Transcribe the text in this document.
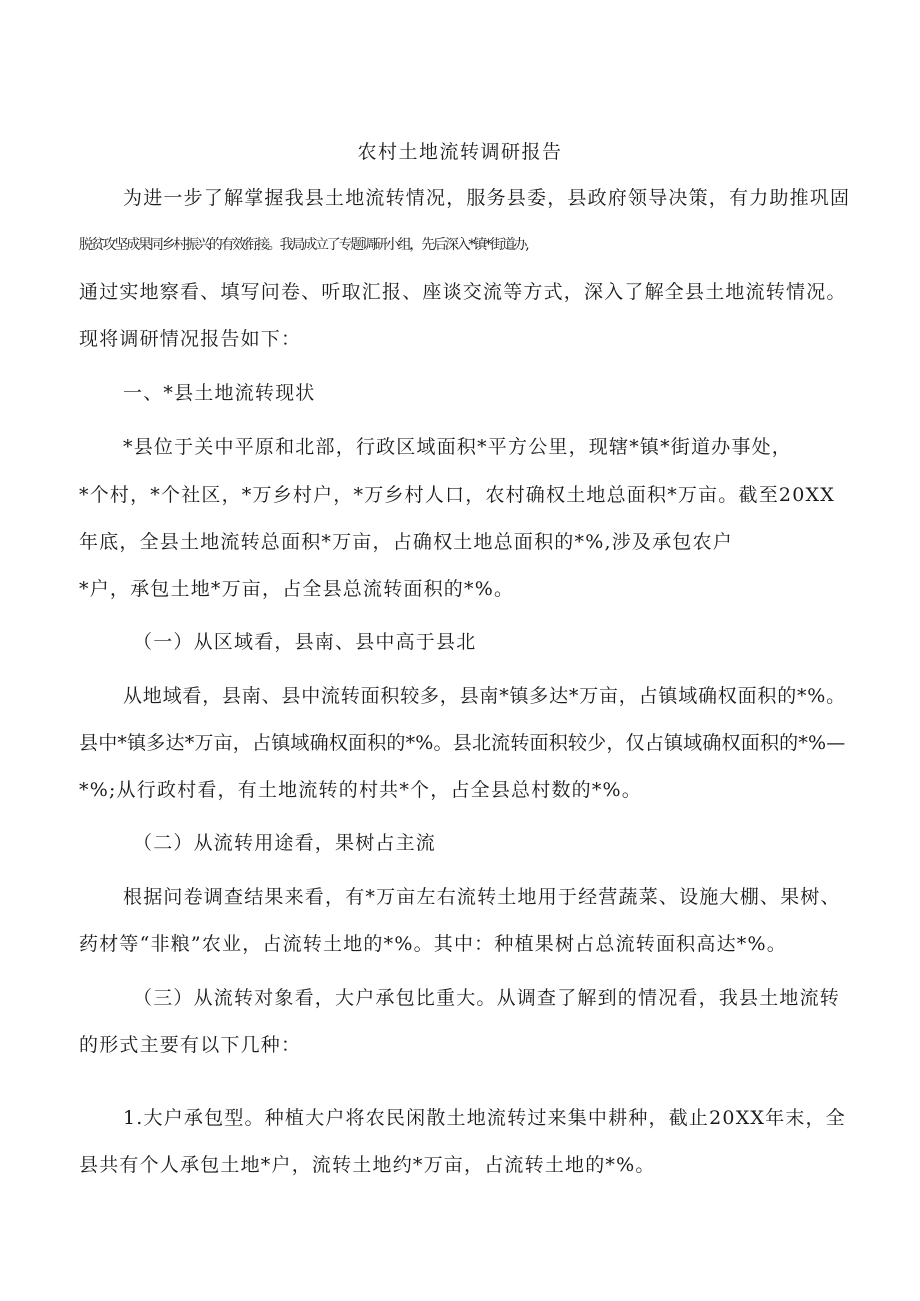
农村土地流转调研报告
为进一步了解掌握我县土地流转情况，服务县委，县政府领导决策，有力助推巩固
脱贫攻坚成果同乡村振兴的有效衔接。我局成立了专题调研小组，先后深入*镇*街道办,
通过实地察看、填写问卷、听取汇报、座谈交流等方式，深入了解全县土地流转情况。
现将调研情况报告如下：
一、*县土地流转现状
*县位于关中平原和北部，行政区域面积*平方公里，现辖*镇*街道办事处，
*个村，*个社区，*万乡村户，*万乡村人口，农村确权土地总面积*万亩。截至20XX
年底，全县土地流转总面积*万亩，占确权土地总面积的*%,涉及承包农户
*户，承包土地*万亩，占全县总流转面积的*%。
（一）从区域看，县南、县中高于县北
从地域看，县南、县中流转面积较多，县南*镇多达*万亩，占镇域确权面积的*%。
县中*镇多达*万亩，占镇域确权面积的*%。县北流转面积较少，仅占镇域确权面积的*%—
*%;从行政村看，有土地流转的村共*个，占全县总村数的*%。
（二）从流转用途看，果树占主流
根据问卷调查结果来看，有*万亩左右流转土地用于经营蔬菜、设施大棚、果树、
药材等“非粮”农业，占流转土地的*%。其中：种植果树占总流转面积高达*%。
（三）从流转对象看，大户承包比重大。从调查了解到的情况看，我县土地流转
的形式主要有以下几种：
1.大户承包型。种植大户将农民闲散土地流转过来集中耕种，截止20XX年末，全
县共有个人承包土地*户，流转土地约*万亩，占流转土地的*%。
